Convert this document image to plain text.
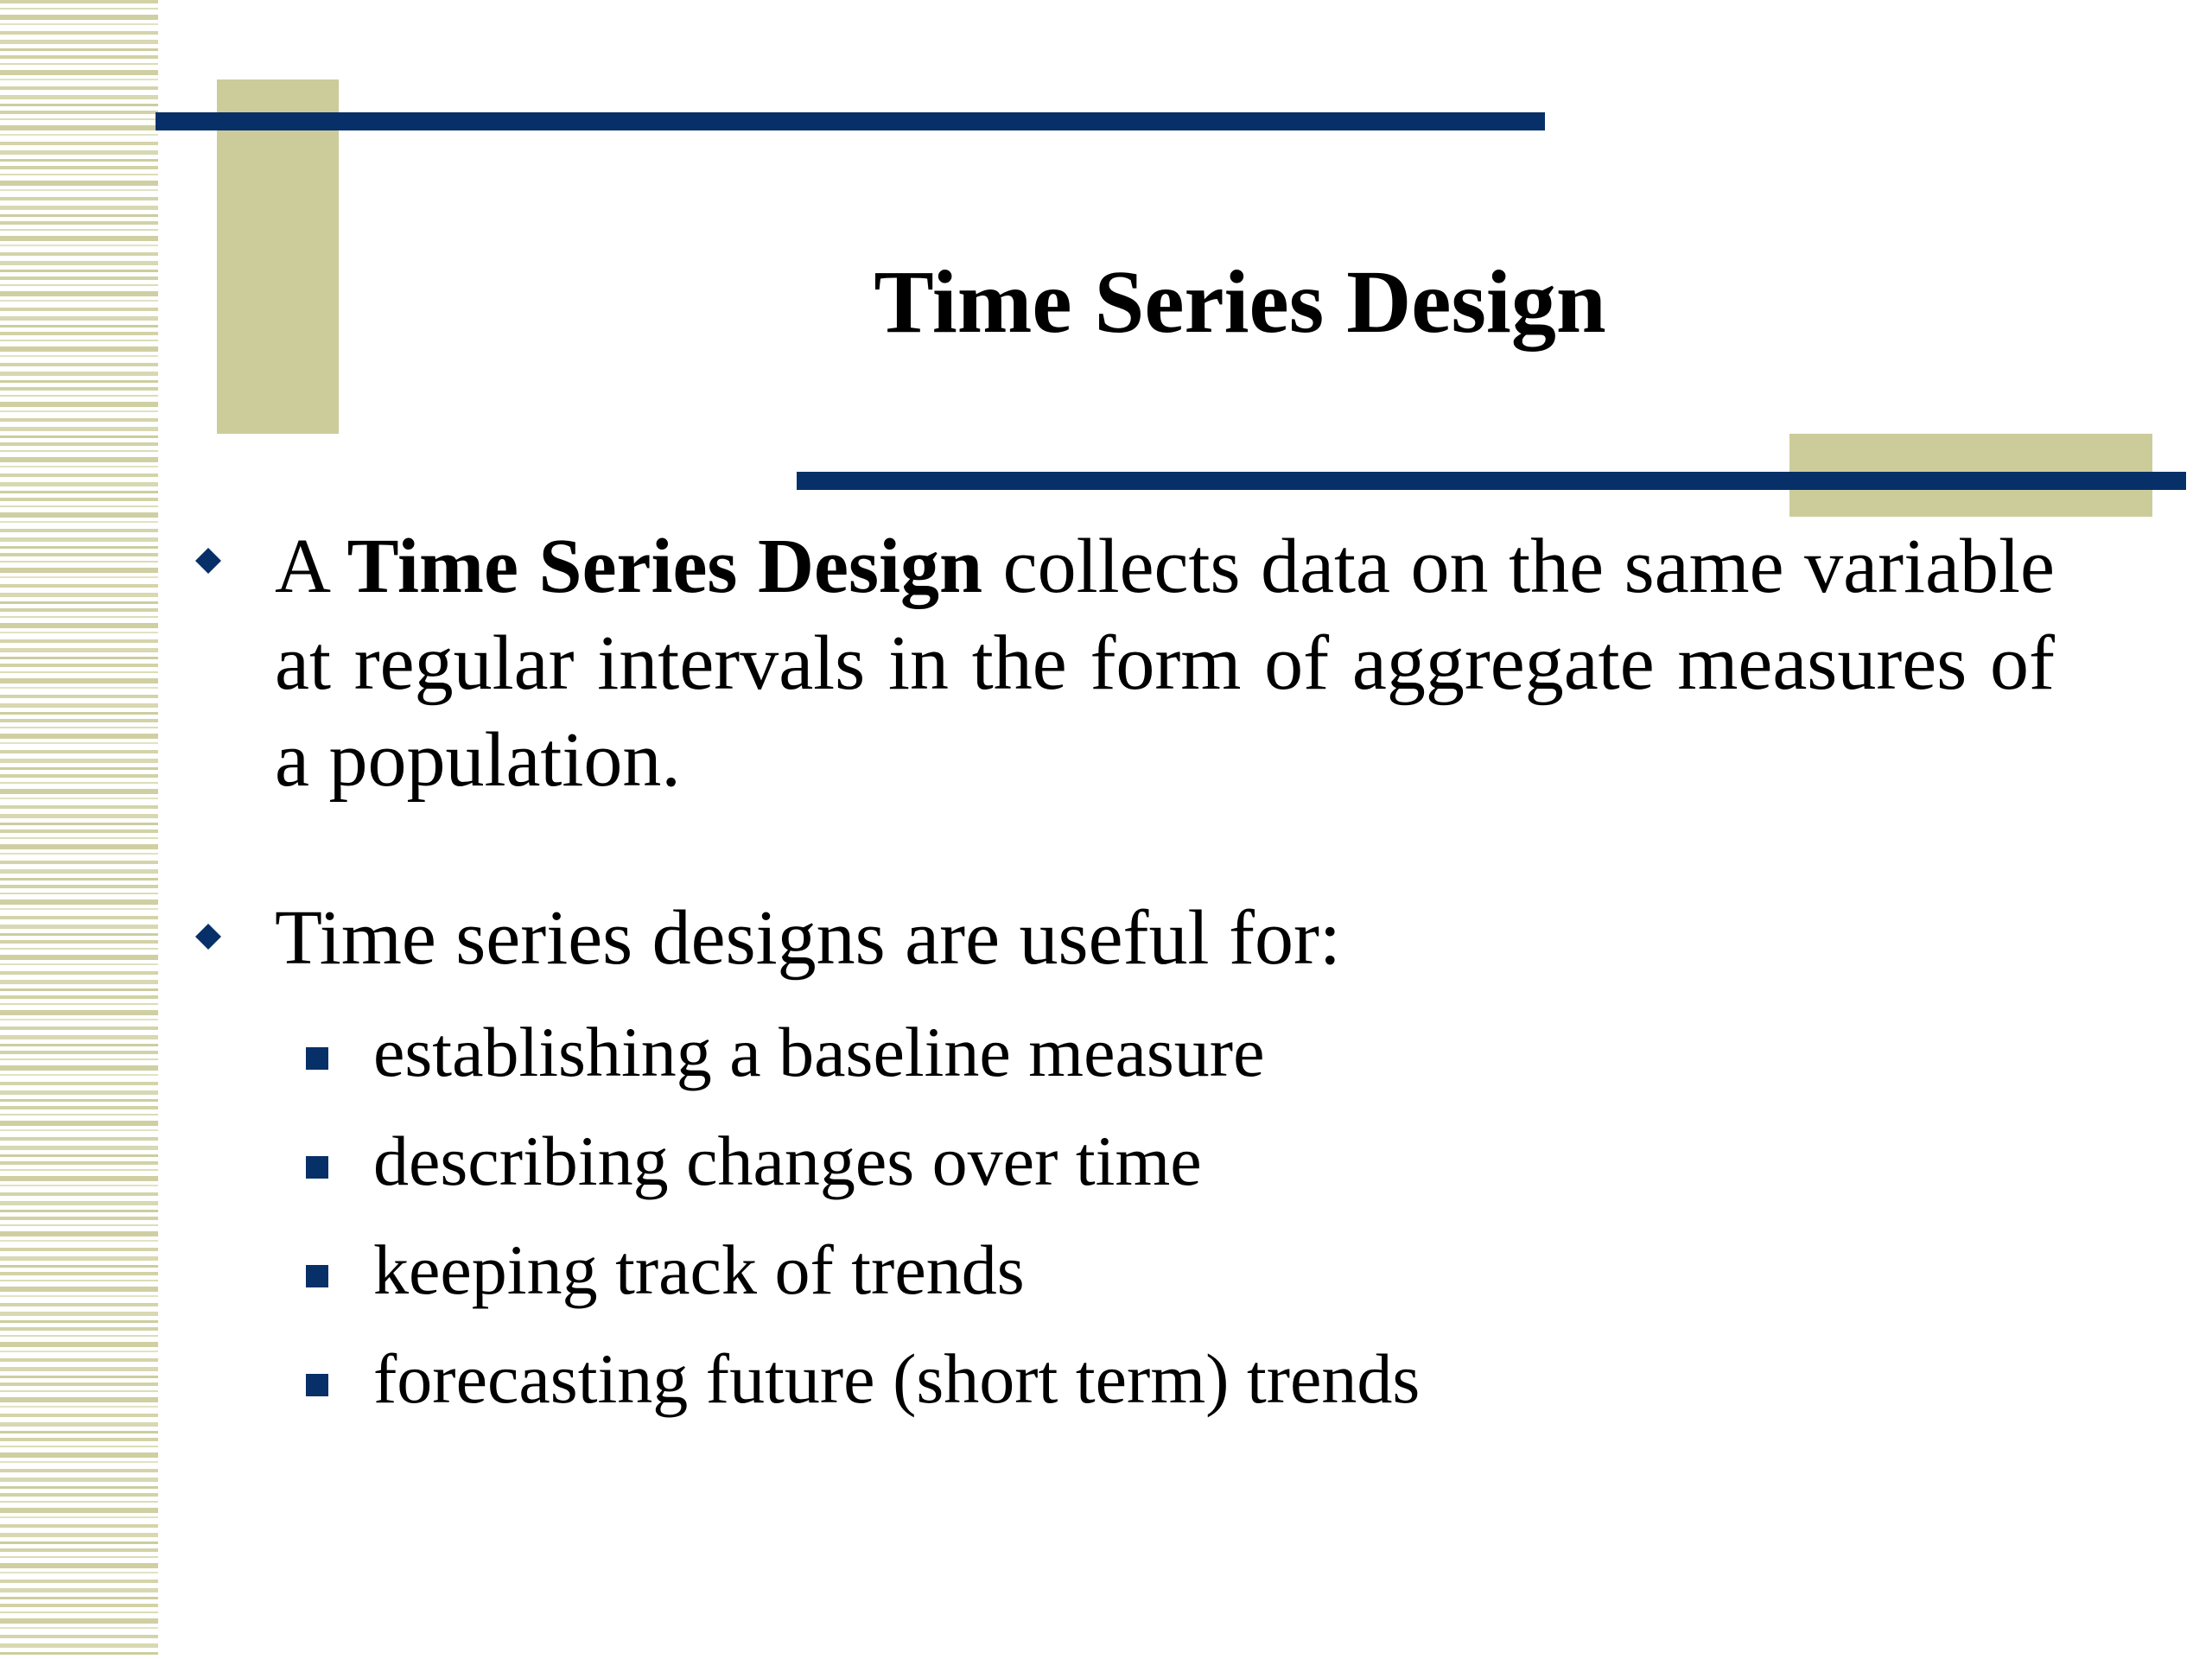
Time Series Design

A Time Series Design collects data on the same variable at regular intervals in the form of aggregate measures of a population.

Time series designs are useful for:

establishing a baseline measure
describing changes over time
keeping track of trends
forecasting future (short term) trends
